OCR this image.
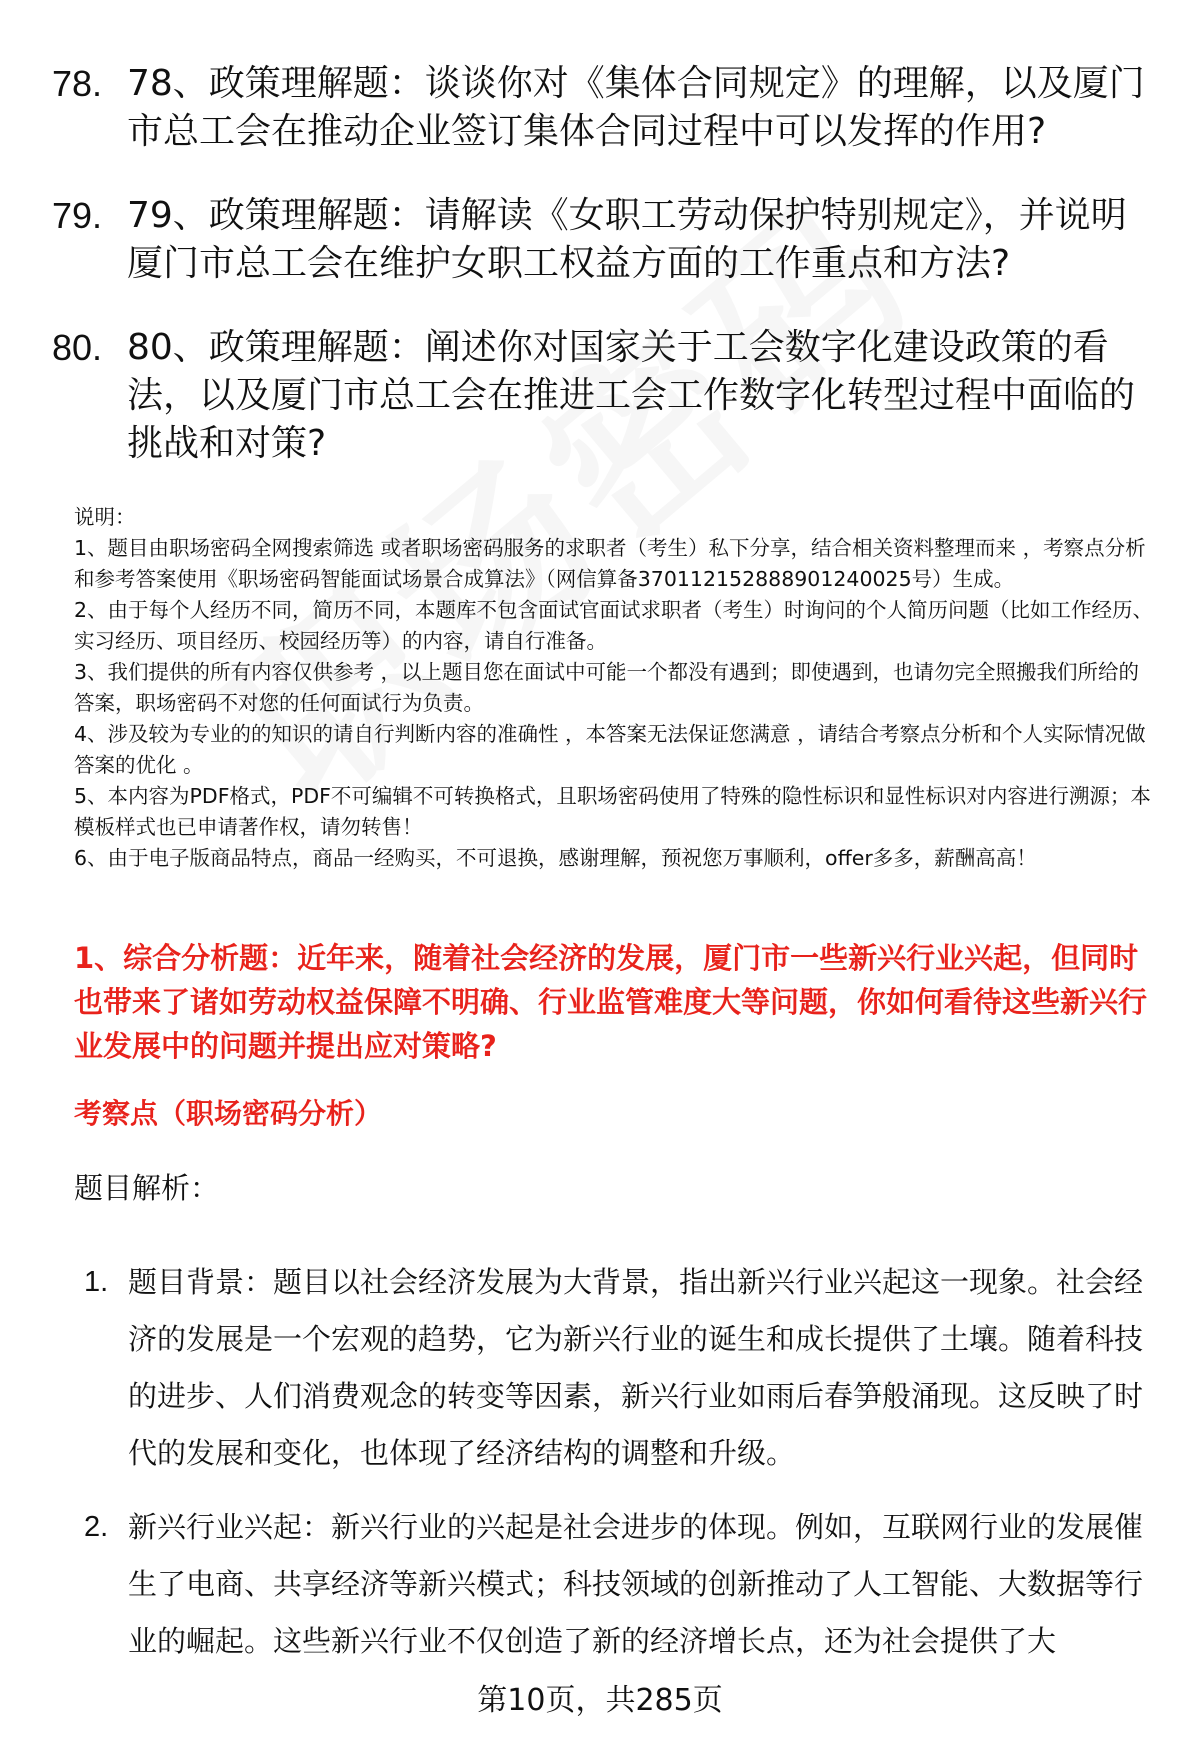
78. 78、政策理解题：谈谈你对《集体合同规定》的理解，以及厦门市总工会在推动企业签订集体合同过程中可以发挥的作用?
79. 79、政策理解题：请解读《女职工劳动保护特别规定》，并说明厦门市总工会在维护女职工权益方面的工作重点和方法?
80. 80、政策理解题：阐述你对国家关于工会数字化建设政策的看法，以及厦门市总工会在推进工会工作数字化转型过程中面临的挑战和对策?

说明：

1、题目由职场密码全网搜索筛选 或者职场密码服务的求职者（考生）私下分享，结合相关资料整理而来 ，考察点分析和参考答案使用《职场密码智能面试场景合成算法》（网信算备370112152888901240025号）生成。

2、由于每个人经历不同，简历不同，本题库不包含面试官面试求职者（考生）时询问的个人简历问题（比如工作经历、实习经历、项目经历、校园经历等）的内容，请自行准备。

3、我们提供的所有内容仅供参考 ，以上题目您在面试中可能一个都没有遇到；即使遇到，也请勿完全照搬我们所给的答案，职场密码不对您的任何面试行为负责。

4、涉及较为专业的的知识的请自行判断内容的准确性 ，本答案无法保证您满意 ，请结合考察点分析和个人实际情况做答案的优化 。

5、本内容为PDF格式，PDF不可编辑不可转换格式，且职场密码使用了特殊的隐性标识和显性标识对内容进行溯源；本模板样式也已申请著作权，请勿转售！

6、由于电子版商品特点，商品一经购买，不可退换，感谢理解，预祝您万事顺利，offer多多，薪酬高高！

1、综合分析题：近年来，随着社会经济的发展，厦门市一些新兴行业兴起，但同时也带来了诸如劳动权益保障不明确、行业监管难度大等问题，你如何看待这些新兴行业发展中的问题并提出应对策略?
考察点（职场密码分析）
题目解析：
1. 题目背景：题目以社会经济发展为大背景，指出新兴行业兴起这一现象。社会经济的发展是一个宏观的趋势，它为新兴行业的诞生和成长提供了土壤。随着科技的进步、人们消费观念的转变等因素，新兴行业如雨后春笋般涌现。这反映了时代的发展和变化，也体现了经济结构的调整和升级。
2. 新兴行业兴起：新兴行业的兴起是社会进步的体现。例如，互联网行业的发展催生了电商、共享经济等新兴模式；科技领域的创新推动了人工智能、大数据等行业的崛起。这些新兴行业不仅创造了新的经济增长点，还为社会提供了大
第10页，共285页
